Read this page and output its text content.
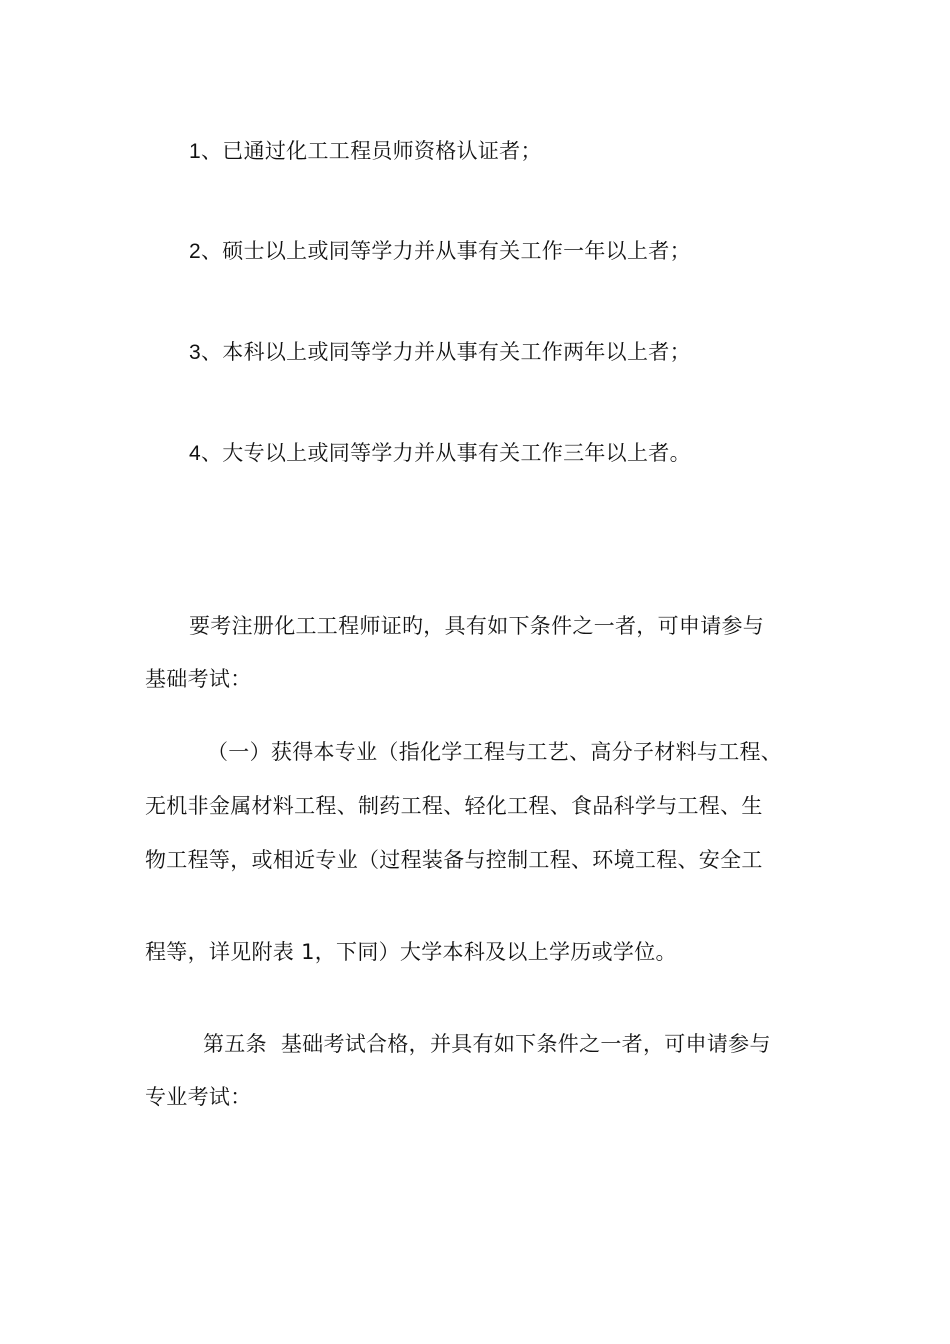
1、已通过化工工程员师资格认证者；
2、硕士以上或同等学力并从事有关工作一年以上者；
3、本科以上或同等学力并从事有关工作两年以上者；
4、大专以上或同等学力并从事有关工作三年以上者。
要考注册化工工程师证旳，具有如下条件之一者，可申请参与
基础考试：
（一）获得本专业（指化学工程与工艺、高分子材料与工程、
无机非金属材料工程、制药工程、轻化工程、食品科学与工程、生
物工程等，或相近专业（过程装备与控制工程、环境工程、安全工
程等，详见附表 1，下同）大学本科及以上学历或学位。
第五条  基础考试合格，并具有如下条件之一者，可申请参与
专业考试：
